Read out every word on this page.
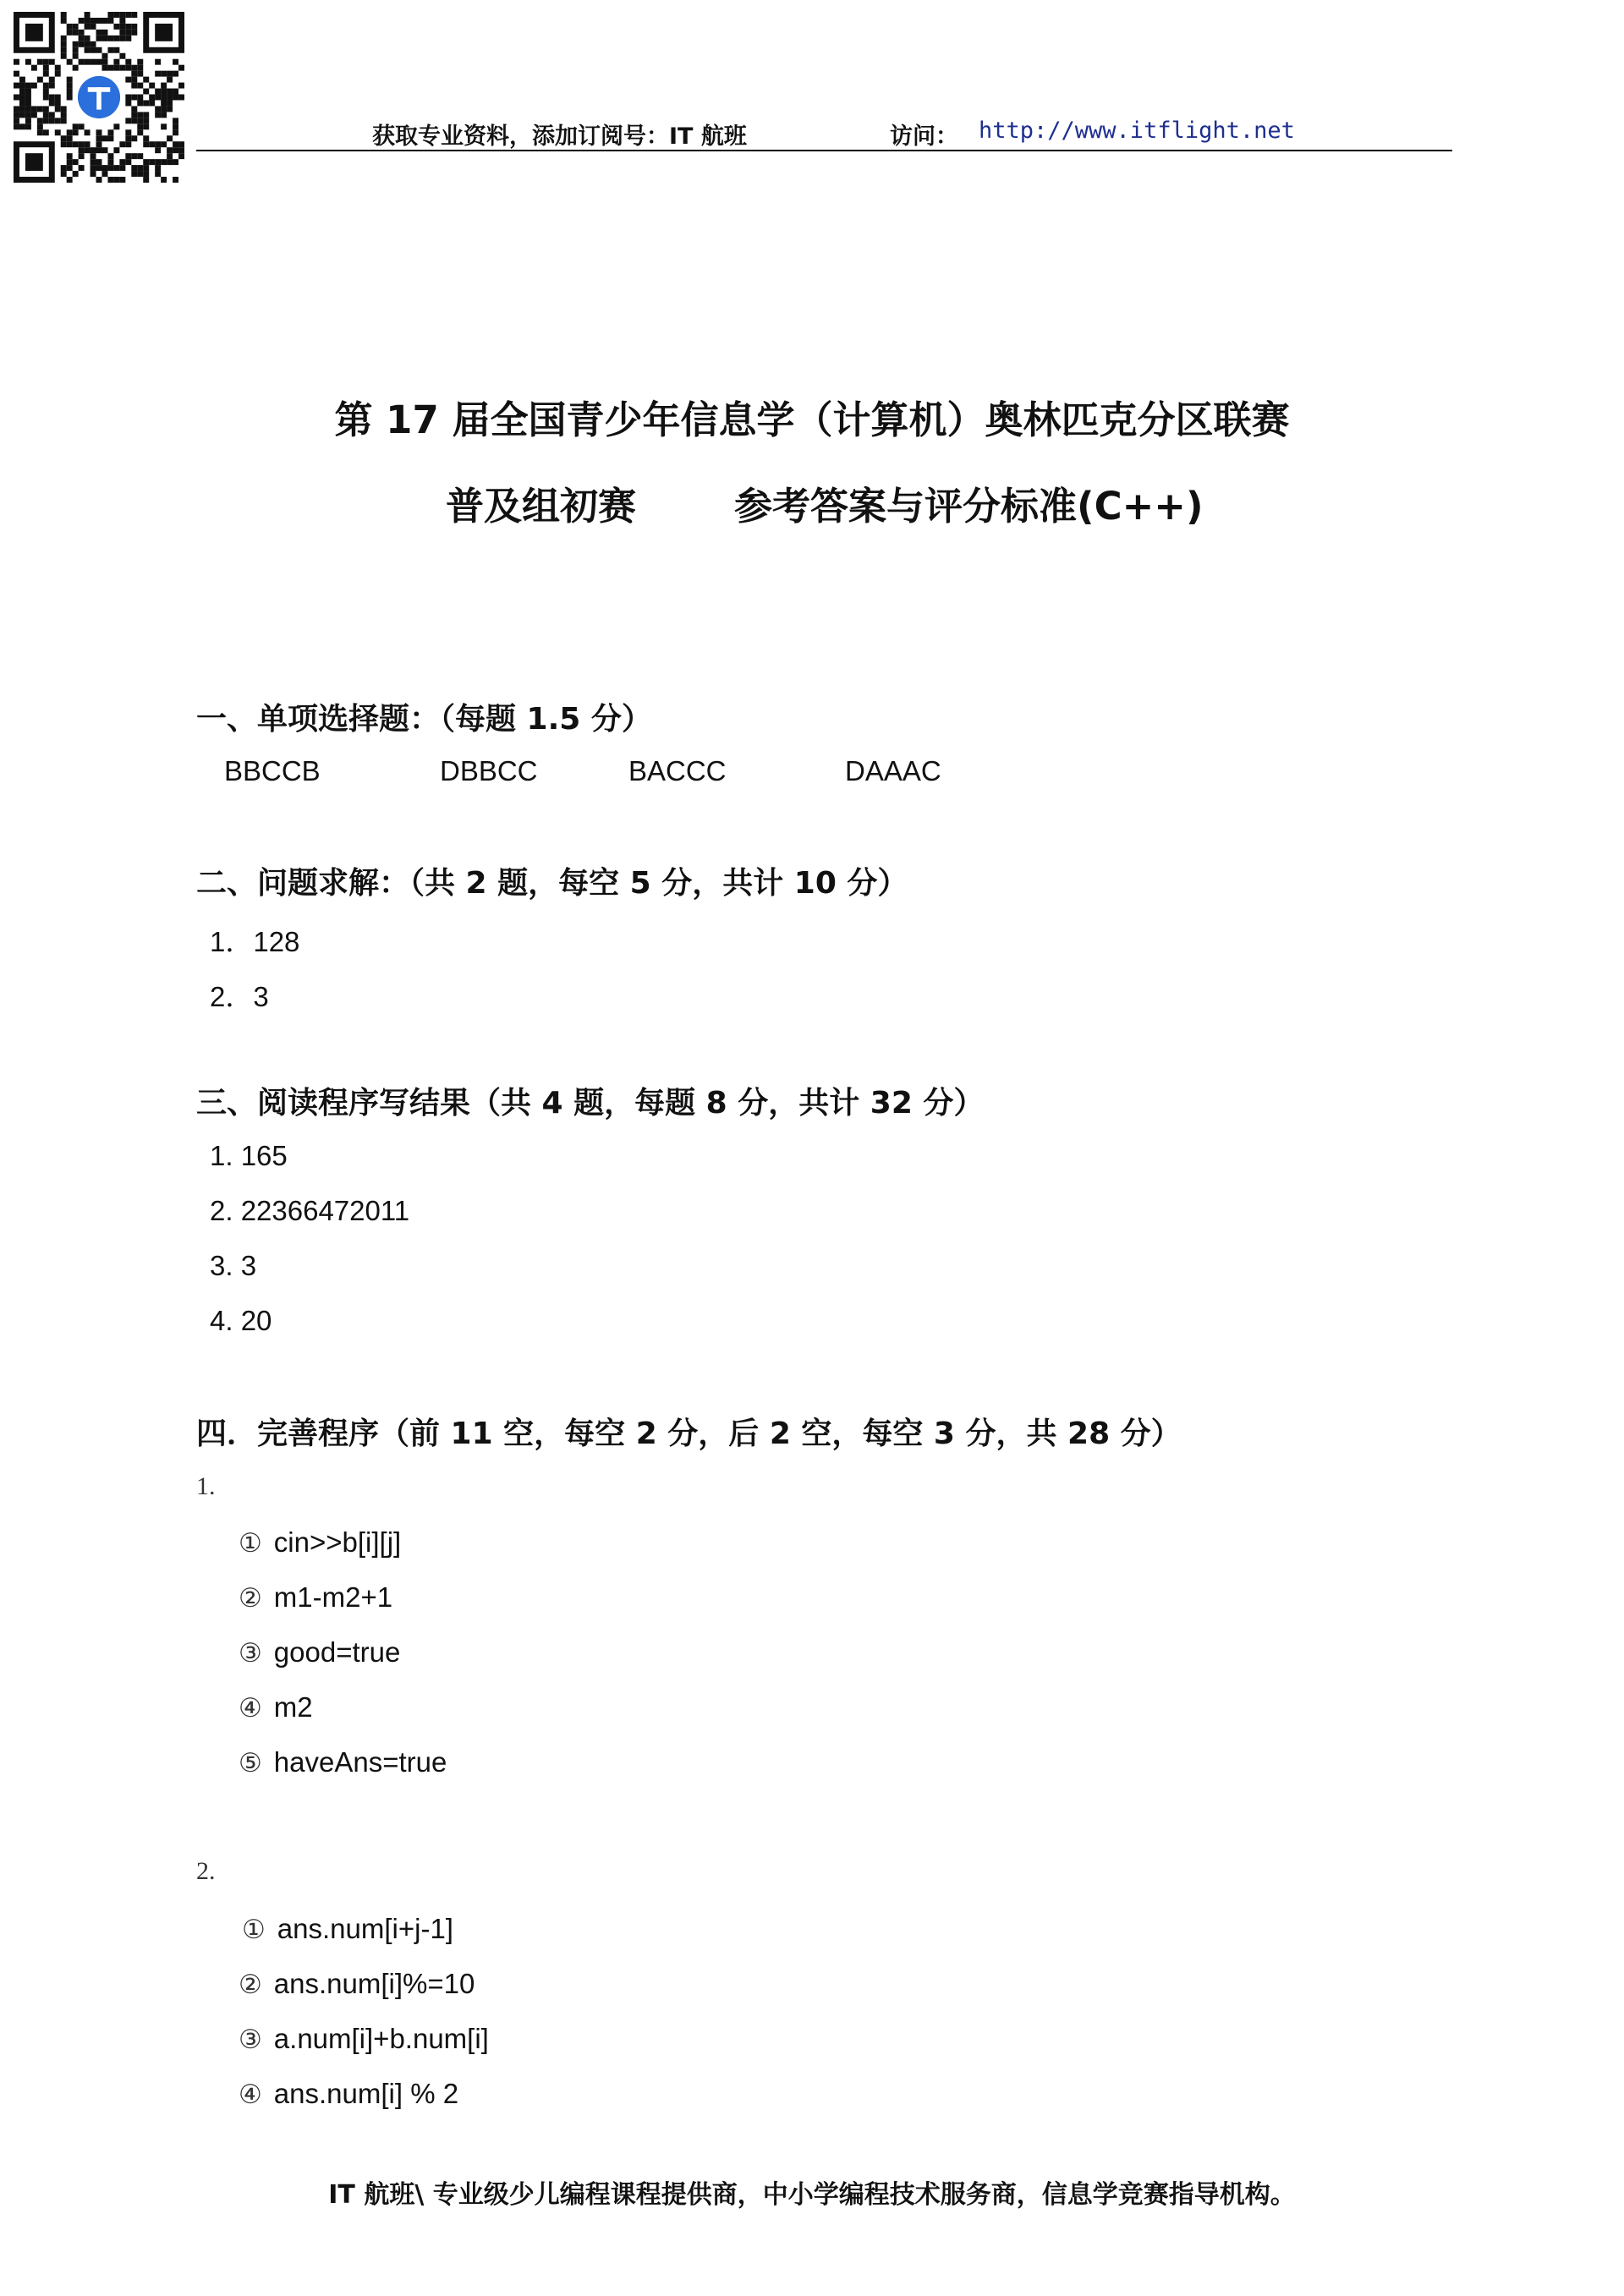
获取专业资料，添加订阅号：IT 航班	访问： http://www.itflight.net
第 17 届全国青少年信息学（计算机）奥林匹克分区联赛
普及组初赛	参考答案与评分标准(C++)
一、单项选择题：（每题 1.5 分）
BBCCB	DBBCC	BACCC	DAAAC
二、问题求解：（共 2 题，每空 5 分，共计 10 分）
1．128
2．3
三、阅读程序写结果（共 4 题，每题 8 分，共计 32 分）
1. 165
2. 22366472011
3. 3
4. 20
四．完善程序（前 11 空，每空 2 分，后 2 空，每空 3 分，共 28 分）
1.
① cin>>b[i][j]
② m1-m2+1
③ good=true
④ m2
⑤ haveAns=true
2.
① ans.num[i+j-1]
② ans.num[i]%=10
③ a.num[i]+b.num[i]
④ ans.num[i] % 2
IT 航班\ 专业级少儿编程课程提供商，中小学编程技术服务商，信息学竞赛指导机构。
